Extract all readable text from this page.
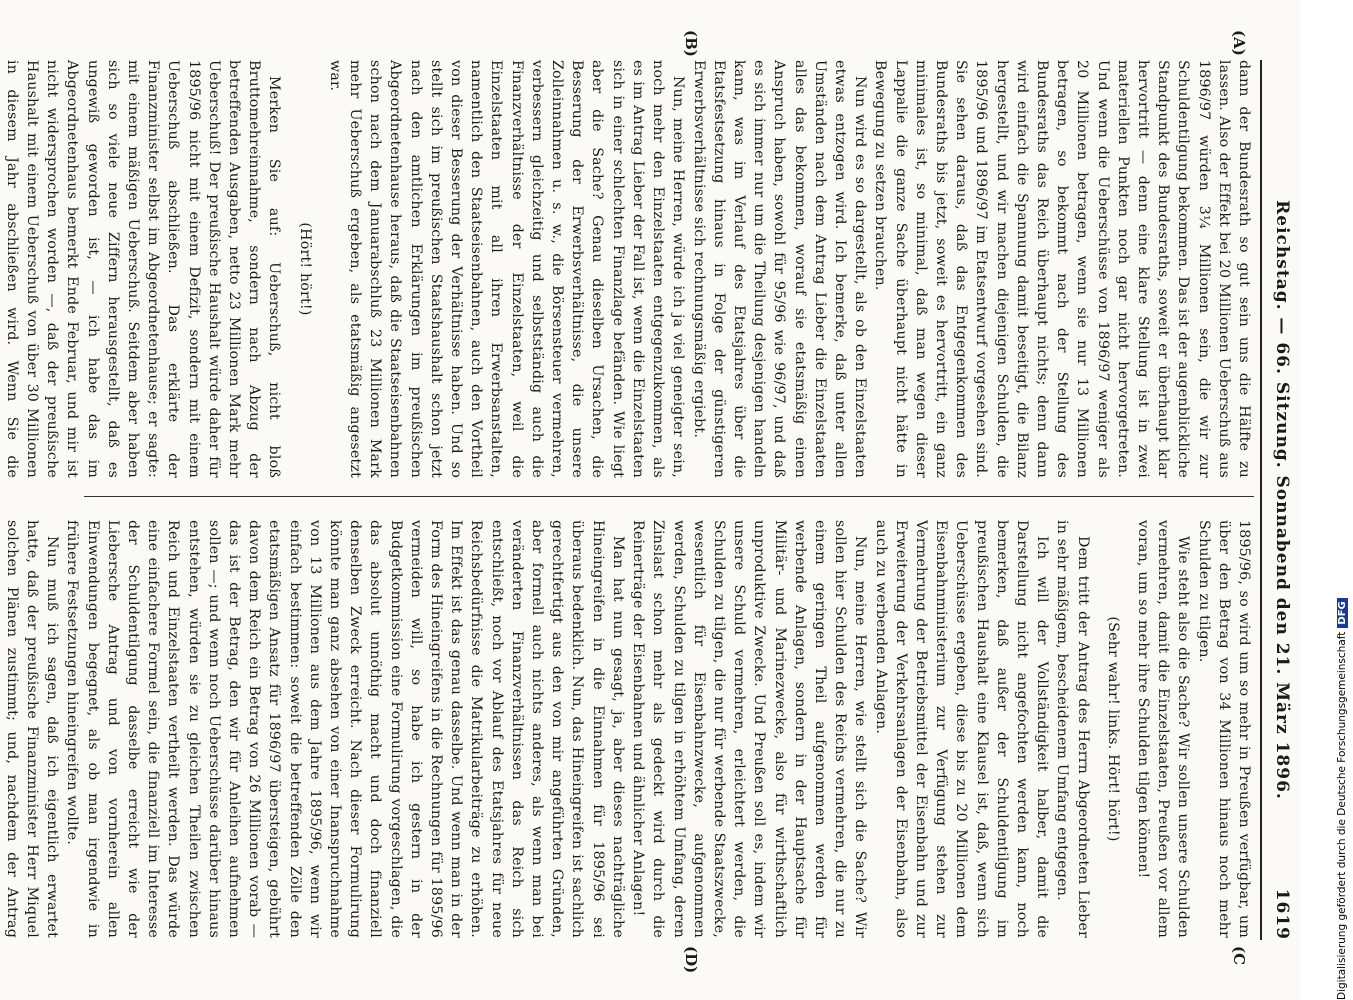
Reichstag. — 66. Sitzung. Sonnabend den 21. März 1896.
1619
(A)
(B)
(C
(D)

dann der Bundesrath so gut sein uns die Hälfte zu lassen. Also der Effekt bei 20 Millionen Ueberschuß aus 1896/97 würden 3¼ Millionen sein, die wir zur Schuldentilgung bekommen. Das ist der augenblickliche Standpunkt des Bundesraths, soweit er überhaupt klar hervortritt — denn eine klare Stellung ist in zwei materiellen Punkten noch gar nicht hervorgetreten. Und wenn die Ueberschüsse von 1896/97 weniger als 20 Millionen betragen, wenn sie nur 13 Millionen betragen, so bekommt nach der Stellung des Bundesraths das Reich überhaupt nichts; denn dann wird einfach die Spannung damit beseitigt, die Bilanz hergestellt, und wir machen diejenigen Schulden, die 1895/96 und 1896/97 im Etatsentwurf vorgesehen sind. Sie sehen daraus, daß das Entgegenkommen des Bundesraths bis jetzt, soweit es hervortritt, ein ganz minimales ist, so minimal, daß man wegen dieser Lappalie die ganze Sache überhaupt nicht hätte in Bewegung zu setzen brauchen.

Nun wird es so dargestellt, als ob den Einzelstaaten etwas entzogen wird. Ich bemerke, daß unter allen Umständen nach dem Antrag Lieber die Einzelstaaten alles das bekommen, worauf sie etatsmäßig einen Anspruch haben, sowohl für 95/96 wie 96/97, und daß es sich immer nur um die Theilung desjenigen handeln kann, was im Verlauf des Etatsjahres über die Etatsfestsetzung hinaus in Folge der günstigeren Erwerbsverhältnisse sich rechnungsmäßig ergiebt.

Nun, meine Herren, würde ich ja viel geneigter sein, noch mehr den Einzelstaaten entgegenzukommen, als es im Antrag Lieber der Fall ist, wenn die Einzelstaaten sich in einer schlechten Finanzlage befänden. Wie liegt aber die Sache? Genau dieselben Ursachen, die Besserung der Erwerbsverhältnisse, die unsere Zolleinnahmen u. s. w., die Börsensteuer vermehren, verbessern gleichzeitig und selbstständig auch die Finanzverhältnisse der Einzelstaaten, weil die Einzelstaaten mit all ihren Erwerbsanstalten, namentlich den Staatseisenbahnen, auch den Vortheil von dieser Besserung der Verhältnisse haben. Und so stellt sich im preußischen Staatshaushalt schon jetzt nach den amtlichen Erklärungen im preußischen Abgeordnetenhause heraus, daß die Staatseisenbahnen schon nach dem Januarabschluß 23 Millionen Mark mehr Ueberschuß ergeben, als etatsmäßig angesetzt war.

(Hört! hört!)

Merken Sie auf: Ueberschuß, nicht bloß Bruttomehreinnahme, sondern nach Abzug der betreffenden Ausgaben, netto 23 Millionen Mark mehr Ueberschuß! Der preußische Haushalt würde daher für 1895/96 nicht mit einem Defizit, sondern mit einem Ueberschuß abschließen. Das erklärte der Finanzminister selbst im Abgeordnetenhause; er sagte: mit einem mäßigen Ueberschuß. Seitdem aber haben sich so viele neue Ziffern herausgestellt, daß es ungewiß geworden ist, — ich habe das im Abgeordnetenhaus bemerkt Ende Februar, und mir ist nicht widersprochen worden —, daß der preußische Haushalt mit einem Ueberschuß von über 30 Millionen in diesem Jahr abschließen wird. Wenn Sie die

1895/96, so wird um so mehr in Preußen verfügbar, um über den Betrag von 34 Millionen hinaus noch mehr Schulden zu tilgen.

Wie steht also die Sache? Wir sollen unsere Schulden vermehren, damit die Einzelstaaten, Preußen vor allem voran, um so mehr ihre Schulden tilgen können!

(Sehr wahr! links. Hört! hört!)

Dem tritt der Antrag des Herrn Abgeordneten Lieber in sehr mäßigem, bescheidenem Umfang entgegen.

Ich will der Vollständigkeit halber, damit die Darstellung nicht angefochten werden kann, noch bemerken, daß außer der Schuldentilgung im preußischen Haushalt eine Klausel ist, daß, wenn sich Ueberschüsse ergeben, diese bis zu 20 Millionen dem Eisenbahnministerium zur Verfügung stehen zur Vermehrung der Betriebsmittel der Eisenbahn und zur Erweiterung der Verkehrsanlagen der Eisenbahn, also auch zu werbenden Anlagen.

Nun, meine Herren, wie stellt sich die Sache? Wir sollen hier Schulden des Reichs vermehren, die nur zu einem geringen Theil aufgenommen werden für werbende Anlagen, sondern in der Hauptsache für Militär- und Marinezwecke, also für wirthschaftlich unproduktive Zwecke. Und Preußen soll es, indem wir unsere Schuld vermehren, erleichtert werden, die Schulden zu tilgen, die nur für werbende Staatszwecke, wesentlich für Eisenbahnzwecke, aufgenommen werden, Schulden zu tilgen in erhöhtem Umfang, deren Zinslast schon mehr als gedeckt wird durch die Reinerträge der Eisenbahnen und ähnlicher Anlagen!

Man hat nun gesagt, ja, aber dieses nachträgliche Hineingreifen in die Einnahmen für 1895/96 sei überaus bedenklich. Nun, das Hineingreifen ist sachlich gerechtfertigt aus den von mir angeführten Gründen, aber formell auch nichts anderes, als wenn man bei veränderten Finanzverhältnissen das Reich sich entschließt, noch vor Ablauf des Etatsjahres für neue Reichsbedürfnisse die Matrikularbeiträge zu erhöhen. Im Effekt ist das genau dasselbe. Und wenn man in der Form des Hineingreifens in die Rechnungen für 1895/96 vermeiden will, so habe ich gestern in der Budgetkommission eine Formulirung vorgeschlagen, die das absolut unnöthig macht und doch finanziell denselben Zweck erreicht. Nach dieser Formulirung könnte man ganz absehen von einer Inanspruchnahme von 13 Millionen aus dem Jahre 1895/96, wenn wir einfach bestimmen: soweit die betreffenden Zölle den etatsmäßigen Ansatz für 1896/97 übersteigen, gebührt davon dem Reich ein Betrag von 26 Millionen vorab — das ist der Betrag, den wir für Anleihen aufnehmen sollen —; und wenn noch Ueberschüsse darüber hinaus entstehen, würden sie zu gleichen Theilen zwischen Reich und Einzelstaaten vertheilt werden. Das würde eine einfachere Formel sein, die finanziell im Interesse der Schuldentilgung dasselbe erreicht wie der Liebersche Antrag und von vornherein allen Einwendungen begegnet, als ob man irgendwie in frühere Festsetzungen hineingreifen wollte.

Nun muß ich sagen, daß ich eigentlich erwartet hatte, daß der preußische Finanzminister Herr Miquel solchen Plänen zustimmt; und, nachdem der Antrag	Digitalisierung gefördert durch die Deutsche ForschungsgemeinschaftDFG
